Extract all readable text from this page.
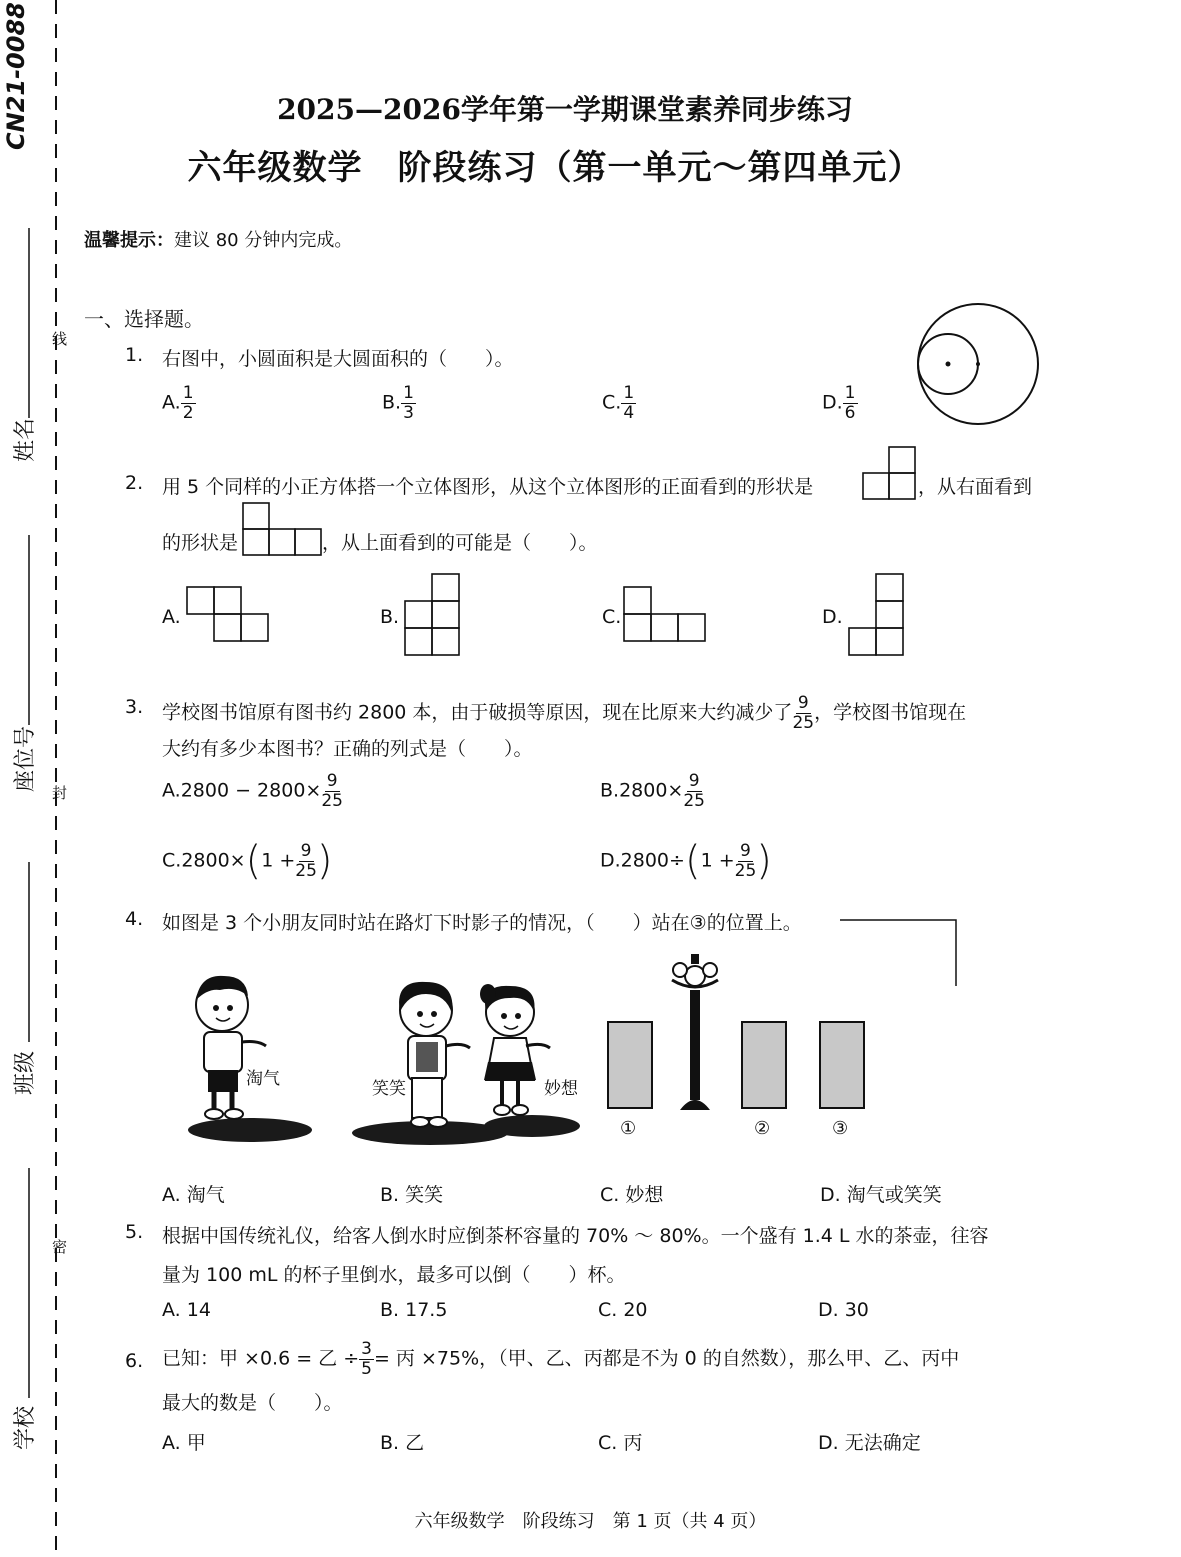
CN21-0088
线
封
密
姓名
座位号
班级
学校
2025—2026学年第一学期课堂素养同步练习
六年级数学　阶段练习（第一单元～第四单元）
温馨提示：建议 80 分钟内完成。
一、选择题。
1. 右图中，小圆面积是大圆面积的（　　）。
A. $\frac{1}{2}$	B. $\frac{1}{3}$	C. $\frac{1}{4}$	D. $\frac{1}{6}$
2. 用 5 个同样的小正方体搭一个立体图形，从这个立体图形的正面看到的形状是	，从右面看到
的形状是	，从上面看到的可能是（　　）。
A.	B.	C.	D.
3. 学校图书馆原有图书约 2800 本，由于破损等原因，现在比原来大约减少了 $\frac{9}{25}$ ，学校图书馆现在
大约有多少本图书？正确的列式是（　　）。
$A.2800 - 2800\times \frac{9}{25}$	$B.2800\times \frac{9}{25}$
$C.2800\times(1 + \frac{9}{25}$ )	$D.2800\div(1 + \frac{9}{25}$ )
4. 如图是 3 个小朋友同时站在路灯下时影子的情况，（　　）站在③的位置上。
淘气	笑笑	妙想
①	②	③
A. 淘气	B. 笑笑	C. 妙想	D. 淘气或笑笑
5. 根据中国传统礼仪，给客人倒水时应倒茶杯容量的 70% ～ 80%。一个盛有 1.4 L 水的茶壶，往容
量为 100 mL 的杯子里倒水，最多可以倒（　　）杯。
A. 14	B. 17.5	C. 20	D. 30
6. 已知：甲 ×0.6 = 乙 ÷ $\frac{3}{5}$ = 丙 ×75%，（甲、乙、丙都是不为 0 的自然数），那么甲、乙、丙中
最大的数是（　　）。
A. 甲	B. 乙	C. 丙	D. 无法确定
六年级数学　阶段练习　第 1 页（共 4 页）
